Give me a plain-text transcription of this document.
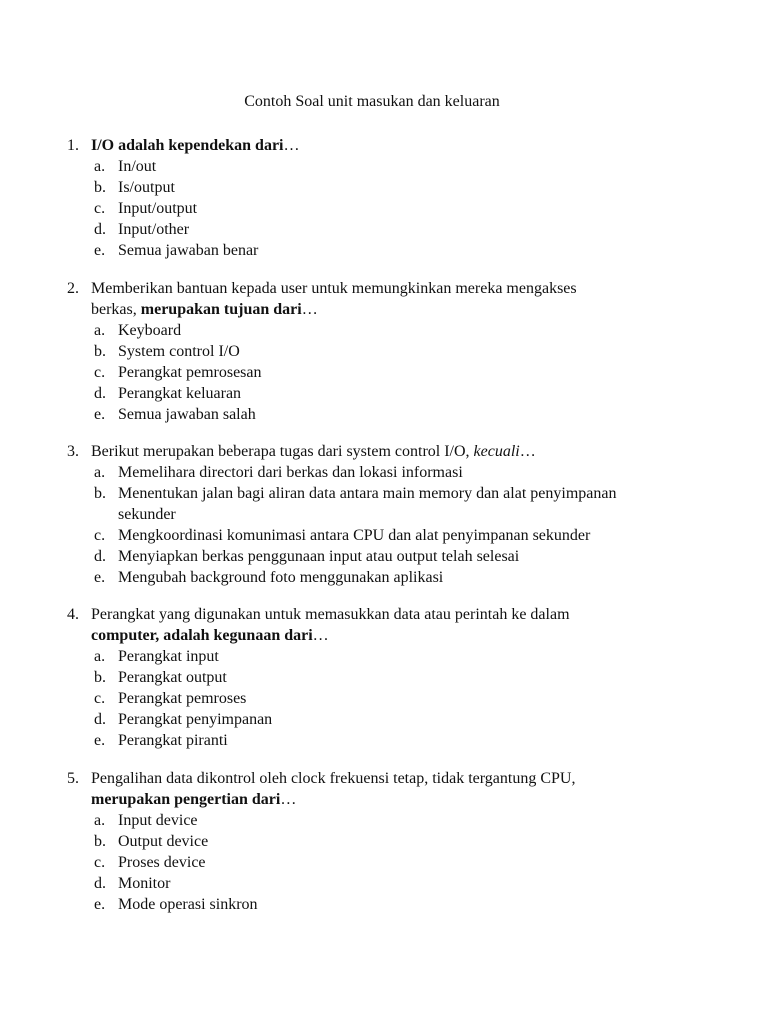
Contoh Soal unit masukan dan keluaran
1. I/O adalah kependekan dari…
a. In/out
b. Is/output
c. Input/output
d. Input/other
e. Semua jawaban benar
2. Memberikan bantuan kepada user untuk memungkinkan mereka mengakses
berkas, merupakan tujuan dari…
a. Keyboard
b. System control I/O
c. Perangkat pemrosesan
d. Perangkat keluaran
e. Semua jawaban salah
3. Berikut merupakan beberapa tugas dari system control I/O, kecuali…
a. Memelihara directori dari berkas dan lokasi informasi
b. Menentukan jalan bagi aliran data antara main memory dan alat penyimpanan
sekunder
c. Mengkoordinasi komunimasi antara CPU dan alat penyimpanan sekunder
d. Menyiapkan berkas penggunaan input atau output telah selesai
e. Mengubah background foto menggunakan aplikasi
4. Perangkat yang digunakan untuk memasukkan data atau perintah ke dalam
computer, adalah kegunaan dari…
a. Perangkat input
b. Perangkat output
c. Perangkat pemroses
d. Perangkat penyimpanan
e. Perangkat piranti
5. Pengalihan data dikontrol oleh clock frekuensi tetap, tidak tergantung CPU,
merupakan pengertian dari…
a. Input device
b. Output device
c. Proses device
d. Monitor
e. Mode operasi sinkron
